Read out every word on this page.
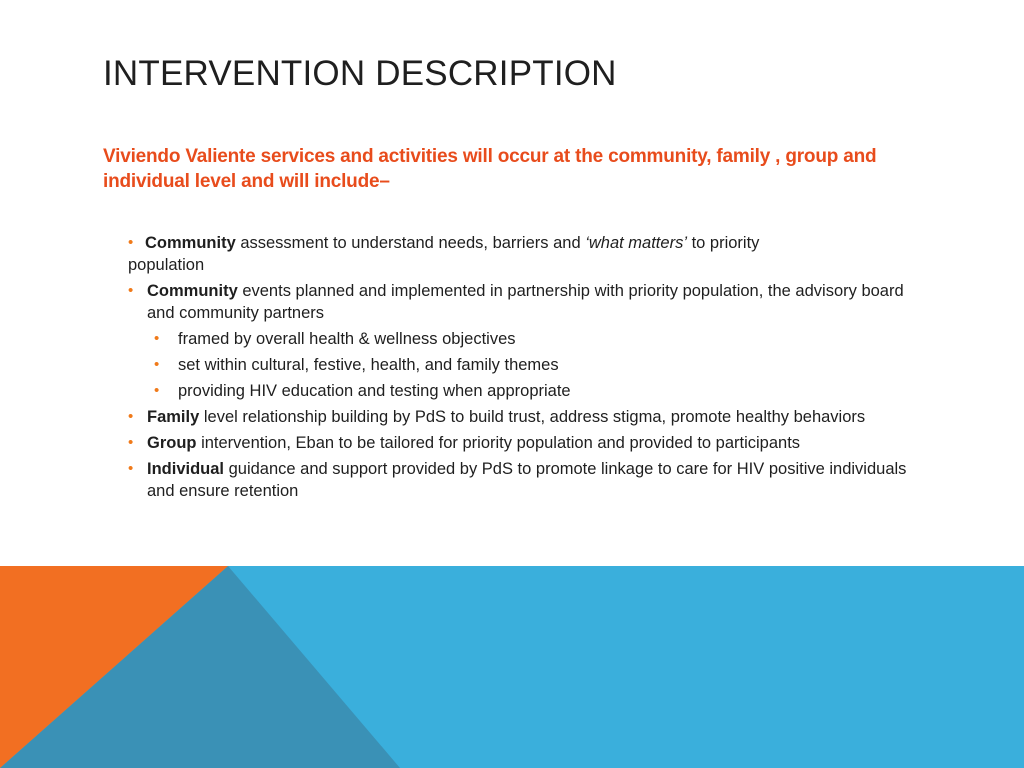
INTERVENTION DESCRIPTION

Viviendo Valiente services and activities will occur at the community, family , group and individual level and will include–

• Community assessment to understand needs, barriers and ‘what matters’ to priority
population
• Community events planned and implemented in partnership with priority population, the advisory board and community partners
• framed by overall health & wellness objectives
• set within cultural, festive, health, and family themes
• providing HIV education and testing when appropriate
• Family level relationship building by PdS to build trust, address stigma, promote healthy behaviors
• Group intervention, Eban to be tailored for priority population and provided to participants
• Individual guidance and support provided by PdS to promote linkage to care for HIV positive individuals and ensure retention
